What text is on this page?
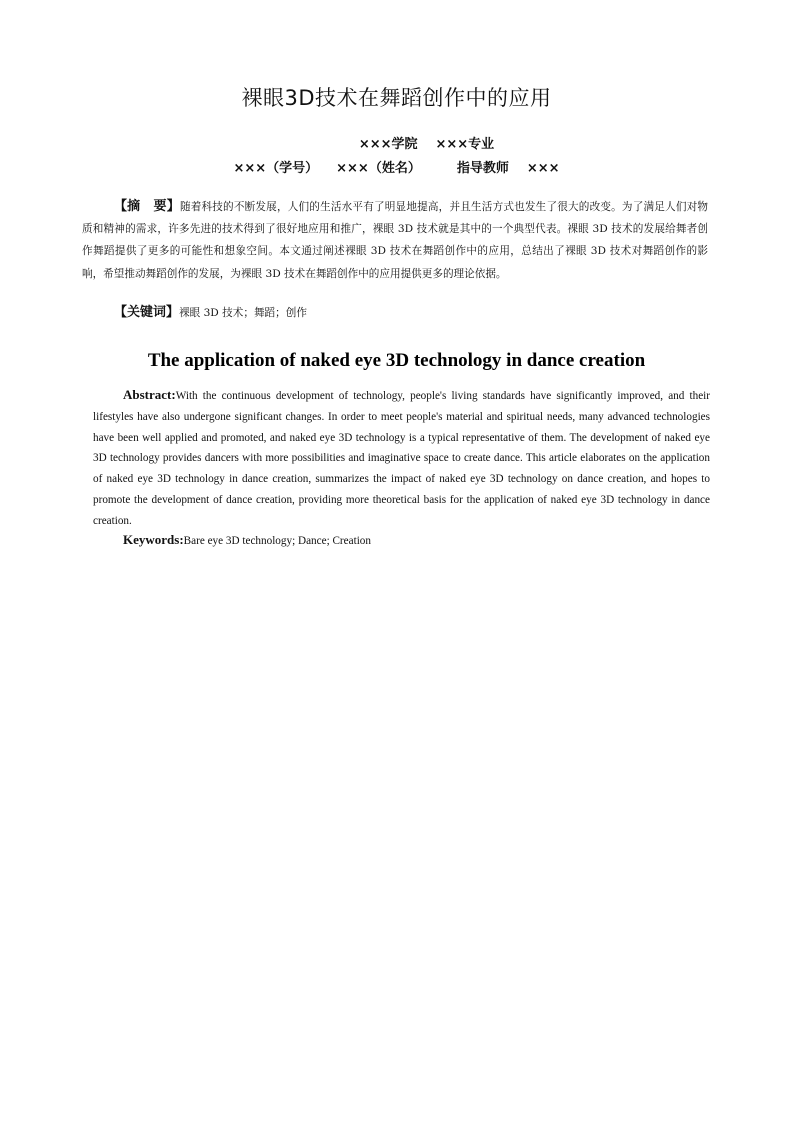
裸眼3D技术在舞蹈创作中的应用
×××学院 ×××专业
×××（学号） ×××（姓名）	指导教师 ×××
【摘　要】随着科技的不断发展，人们的生活水平有了明显地提高，并且生活方式也发生了很大的改变。为了满足人们对物质和精神的需求，许多先进的技术得到了很好地应用和推广，裸眼 3D 技术就是其中的一个典型代表。裸眼 3D 技术的发展给舞者创作舞蹈提供了更多的可能性和想象空间。本文通过阐述裸眼 3D 技术在舞蹈创作中的应用，总结出了裸眼 3D 技术对舞蹈创作的影响，希望推动舞蹈创作的发展，为裸眼 3D 技术在舞蹈创作中的应用提供更多的理论依据。
【关键词】裸眼 3D 技术；舞蹈；创作
The application of naked eye 3D technology in dance creation
Abstract:With the continuous development of technology, people's living standards have significantly improved, and their lifestyles have also undergone significant changes. In order to meet people's material and spiritual needs, many advanced technologies have been well applied and promoted, and naked eye 3D technology is a typical representative of them. The development of naked eye 3D technology provides dancers with more possibilities and imaginative space to create dance. This article elaborates on the application of naked eye 3D technology in dance creation, summarizes the impact of naked eye 3D technology on dance creation, and hopes to promote the development of dance creation, providing more theoretical basis for the application of naked eye 3D technology in dance creation.
Keywords:Bare eye 3D technology; Dance; Creation
